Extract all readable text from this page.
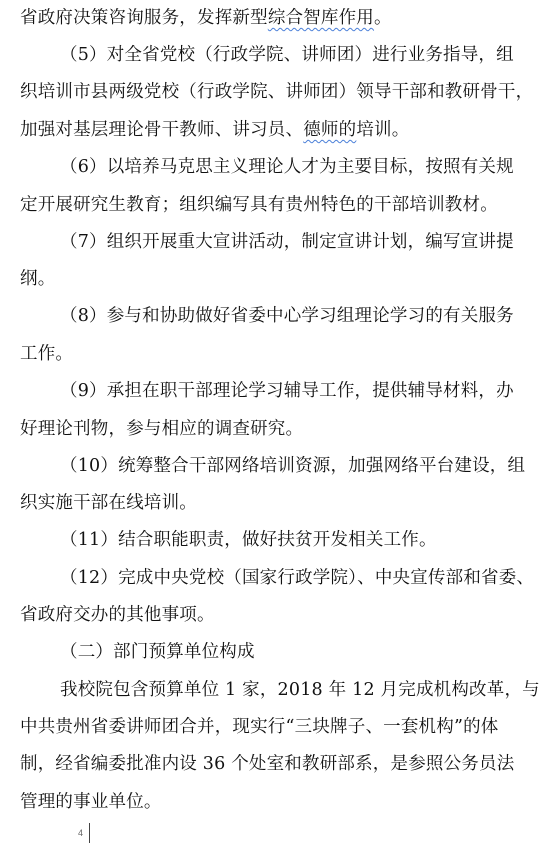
省政府决策咨询服务，发挥新型综合智库作用。
（5）对全省党校（行政学院、讲师团）进行业务指导，组
织培训市县两级党校（行政学院、讲师团）领导干部和教研骨干，
加强对基层理论骨干教师、讲习员、德师的培训。
（6）以培养马克思主义理论人才为主要目标，按照有关规
定开展研究生教育；组织编写具有贵州特色的干部培训教材。
（7）组织开展重大宣讲活动，制定宣讲计划，编写宣讲提
纲。
（8）参与和协助做好省委中心学习组理论学习的有关服务
工作。
（9）承担在职干部理论学习辅导工作，提供辅导材料，办
好理论刊物，参与相应的调查研究。
（10）统筹整合干部网络培训资源，加强网络平台建设，组
织实施干部在线培训。
（11）结合职能职责，做好扶贫开发相关工作。
（12）完成中央党校（国家行政学院）、中央宣传部和省委、
省政府交办的其他事项。
（二）部门预算单位构成
我校院包含预算单位 1 家，2018 年 12 月完成机构改革，与
中共贵州省委讲师团合并，现实行“三块牌子、一套机构”的体
制，经省编委批准内设 36 个处室和教研部系，是参照公务员法
管理的事业单位。
4
